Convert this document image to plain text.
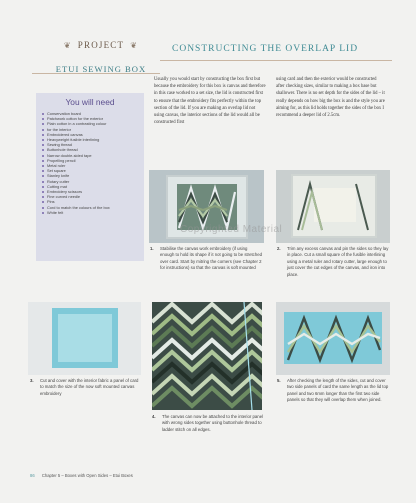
❦ PROJECT ❦
ETUI SEWING BOX
CONSTRUCTING THE OVERLAP LID
You will need
Conservation board
Patchwork cotton for the exterior
Plain cotton in a contrasting colour
for the interior
Embroidered canvas
Heavyweight fusible interlining
Sewing thread
Buttonhole thread
Narrow double-sided tape
Propelling pencil
Metal ruler
Set square
Stanley knife
Rotary cutter
Cutting mat
Embroidery scissors
Fine curved needle
Pins
Cord to match the colours of the box
White felt
Usually you would start by constructing the box first but because the embroidery for this box is canvas and therefore in this case worked to a set size, the lid is constructed first to ensure that the embroidery fits perfectly within the top section of the lid. If you are making an overlap lid not using canvas, the interior sections of the lid would all be constructed first
using card and then the exterior would be constructed after checking sizes, similar to making a box base but shallower. There is no set depth for the sides of the lid – it really depends on how big the box is and the style you are aiming for, as this lid holds together the sides of the box I recommend a deeper lid of 2.5cm.
1.	Stabilise the canvas work embroidery (if using enough to hold its shape if it not going to be stretched over card. Start by mitring the corners (see Chapter 2 for instructions) so that the canvas is soft mounted
2.	Trim any excess canvas and pin the sides so they lay in place. Cut a small square of the fusible interlining using a metal ruler and rotary cutter, large enough to just cover the cut edges of the canvas, and iron into place.
3.	Cut and cover with the interior fabric a panel of card to match the size of the now soft mounted canvas embroidery
4.	The canvas can now be attached to the interior panel with wrong sides together using buttonhole thread to ladder stitch on all edges.
5.	After checking the length of the sides, cut and cover two side panels of card the same length as the lid top panel and two 6mm longer than the first two side panels so that they will overlap them when joined.
Copyrighted Material
86 Chapter 5 – Boxes with Open Sides – Etui Boxes
